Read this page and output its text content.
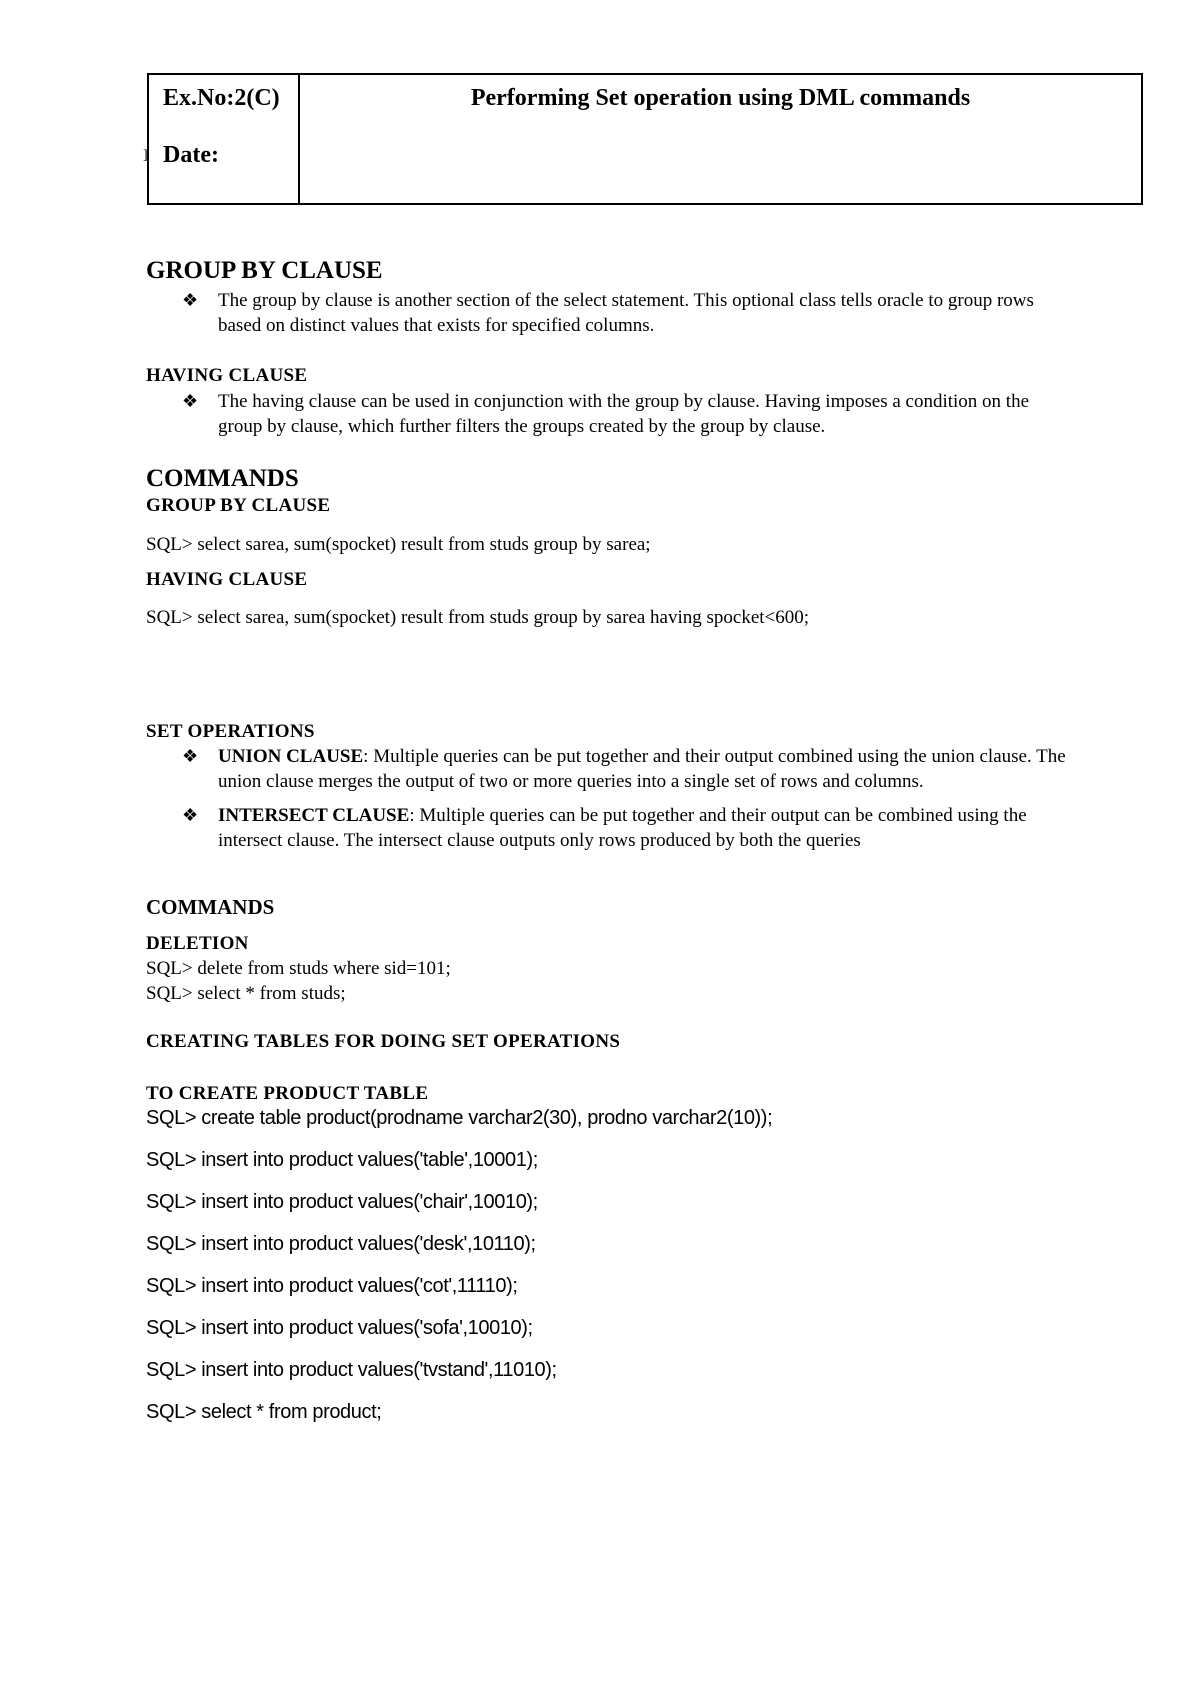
Ex.No:2(C)
Date:
Performing Set operation using DML commands
]
GROUP BY CLAUSE
❖ The group by clause is another section of the select statement. This optional class tells oracle to group rows based on distinct values that exists for specified columns.
HAVING CLAUSE
❖ The having clause can be used in conjunction with the group by clause. Having imposes a condition on the group by clause, which further filters the groups created by the group by clause.
COMMANDS
GROUP BY CLAUSE
SQL> select sarea, sum(spocket) result from studs group by sarea;
HAVING CLAUSE
SQL> select sarea, sum(spocket) result from studs group by sarea having spocket<600;
SET OPERATIONS
❖ UNION CLAUSE: Multiple queries can be put together and their output combined using the union clause. The union clause merges the output of two or more queries into a single set of rows and columns.
❖ INTERSECT CLAUSE: Multiple queries can be put together and their output can be combined using the intersect clause. The intersect clause outputs only rows produced by both the queries
COMMANDS
DELETION
SQL> delete from studs where sid=101;
SQL> select * from studs;
CREATING TABLES FOR DOING SET OPERATIONS
TO CREATE PRODUCT TABLE
SQL> create table product(prodname varchar2(30), prodno varchar2(10));
SQL> insert into product values('table',10001);
SQL> insert into product values('chair',10010);
SQL> insert into product values('desk',10110);
SQL> insert into product values('cot',11110);
SQL> insert into product values('sofa',10010);
SQL> insert into product values('tvstand',11010);
SQL> select * from product;
